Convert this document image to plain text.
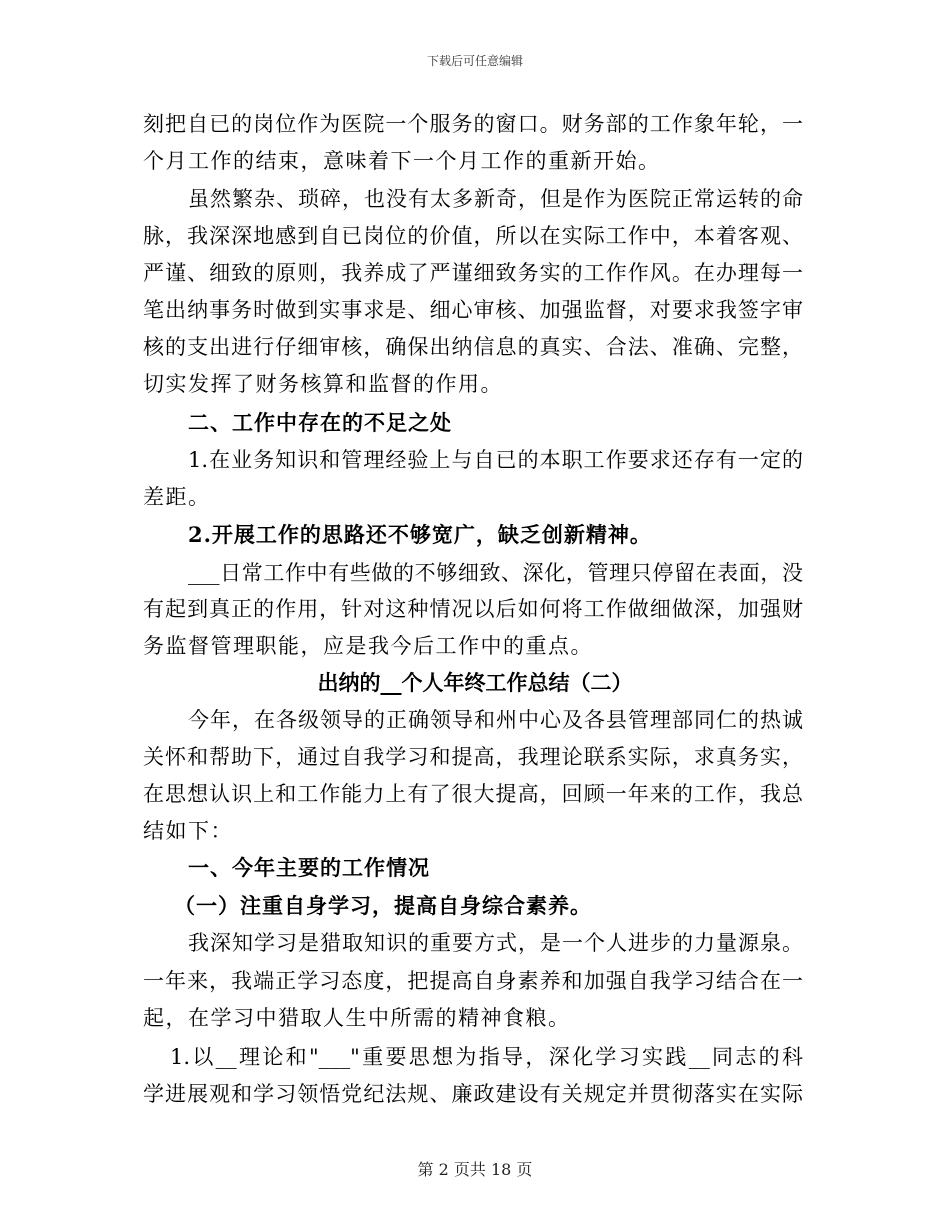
下载后可任意编辑
刻把自已的岗位作为医院一个服务的窗口。财务部的工作象年轮，一
个月工作的结束，意味着下一个月工作的重新开始。
虽然繁杂、琐碎，也没有太多新奇，但是作为医院正常运转的命
脉，我深深地感到自已岗位的价值，所以在实际工作中，本着客观、
严谨、细致的原则，我养成了严谨细致务实的工作作风。在办理每一
笔出纳事务时做到实事求是、细心审核、加强监督，对要求我签字审
核的支出进行仔细审核，确保出纳信息的真实、合法、准确、完整，
切实发挥了财务核算和监督的作用。
二、工作中存在的不足之处
1.在业务知识和管理经验上与自已的本职工作要求还存有一定的
差距。
2.开展工作的思路还不够宽广，缺乏创新精神。
___日常工作中有些做的不够细致、深化，管理只停留在表面，没
有起到真正的作用，针对这种情况以后如何将工作做细做深，加强财
务监督管理职能，应是我今后工作中的重点。
出纳的__个人年终工作总结（二）
今年，在各级领导的正确领导和州中心及各县管理部同仁的热诚
关怀和帮助下，通过自我学习和提高，我理论联系实际，求真务实，
在思想认识上和工作能力上有了很大提高，回顾一年来的工作，我总
结如下：
一、今年主要的工作情况
（一）注重自身学习，提高自身综合素养。
我深知学习是猎取知识的重要方式，是一个人进步的力量源泉。
一年来，我端正学习态度，把提高自身素养和加强自我学习结合在一
起，在学习中猎取人生中所需的精神食粮。
1.以__理论和"___"重要思想为指导，深化学习实践__同志的科
学进展观和学习领悟党纪法规、廉政建设有关规定并贯彻落实在实际
第 2 页共 18 页
